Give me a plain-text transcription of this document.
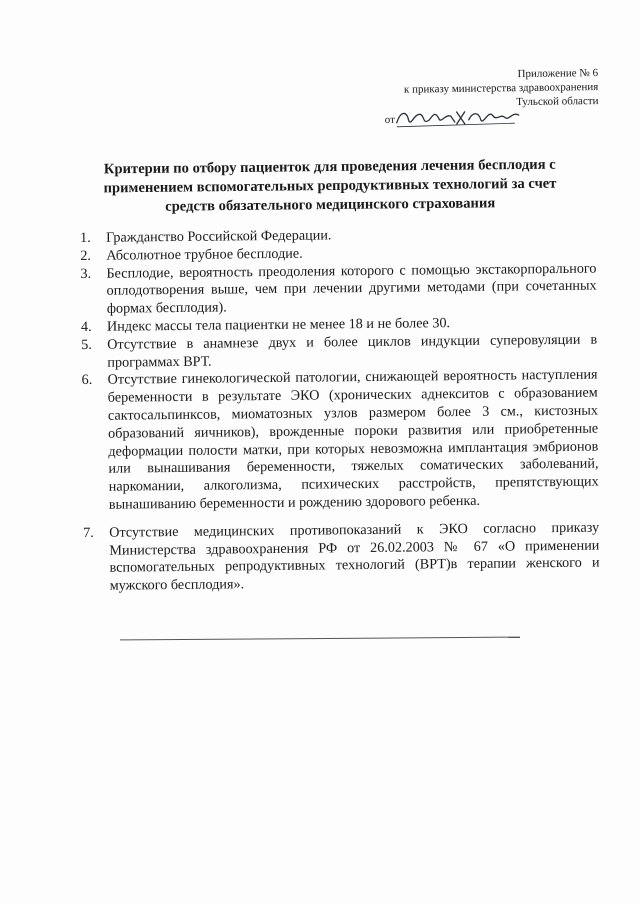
Приложение № 6
к приказу министерства здравоохранения
Тульской области
от
Критерии по отбору пациенток для проведения лечения бесплодия с
применением вспомогательных репродуктивных технологий за счет
средств обязательного медицинского страхования
1. Гражданство Российской Федерации.
2. Абсолютное трубное бесплодие.
3. Бесплодие, вероятность преодоления которого с помощью экстакорпорального оплодотворения выше, чем при лечении другими методами (при сочетанных формах бесплодия).
4. Индекс массы тела пациентки не менее 18 и не более 30.
5. Отсутствие в анамнезе двух и более циклов индукции суперовуляции в программах ВРТ.
6. Отсутствие гинекологической патологии, снижающей вероятность наступления беременности в результате ЭКО (хронических аднекситов с образованием сактосальпинксов, миоматозных узлов размером более 3 см., кистозных образований яичников), врожденные пороки развития или приобретенные деформации полости матки, при которых невозможна имплантация эмбрионов или вынашивания беременности, тяжелых соматических заболеваний, наркомании, алкоголизма, психических расстройств, препятствующих вынашиванию беременности и рождению здорового ребенка.
7. Отсутствие медицинских противопоказаний к ЭКО согласно приказу Министерства здравоохранения РФ от 26.02.2003 № 67 «О применении вспомогательных репродуктивных технологий (ВРТ)в терапии женского и мужского бесплодия».
